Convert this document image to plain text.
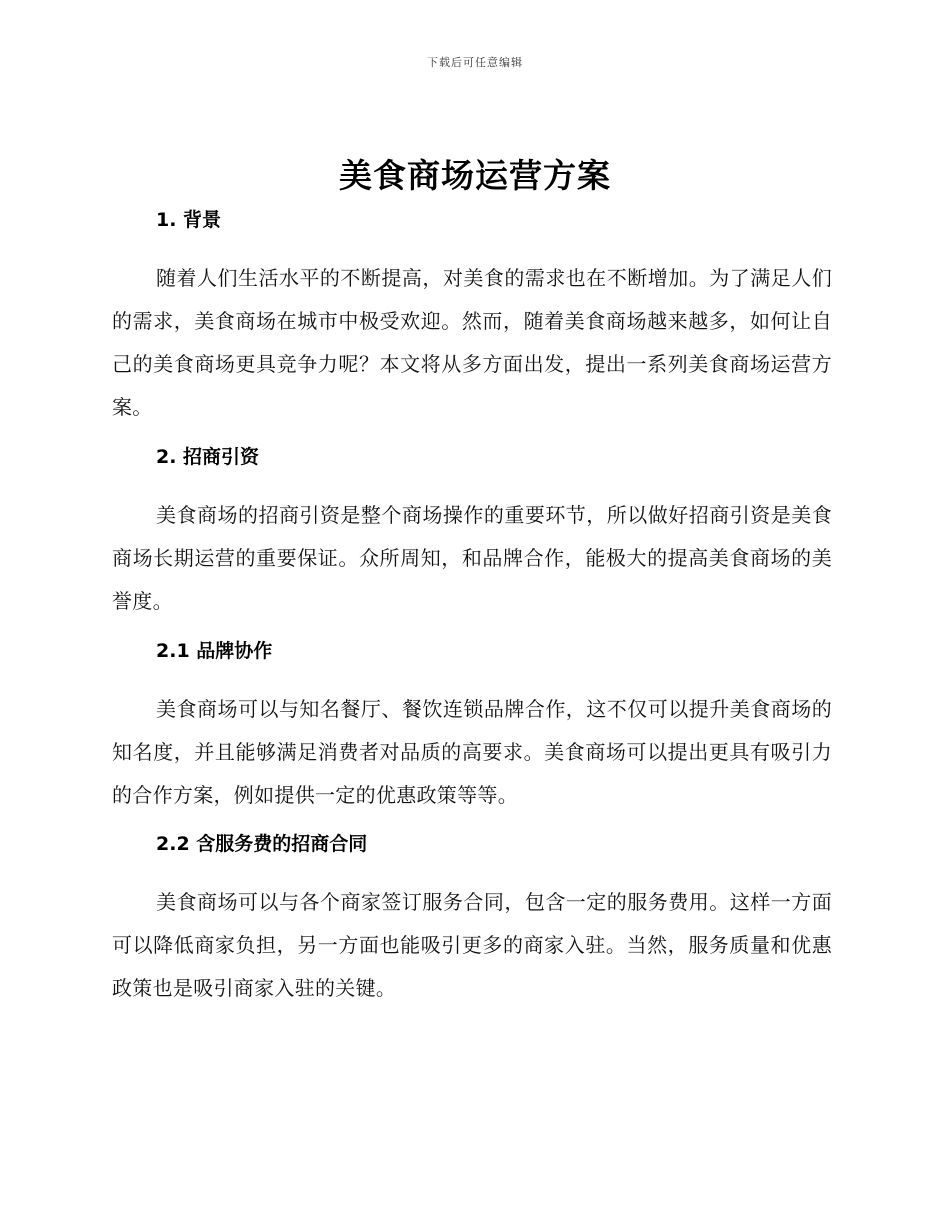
下载后可任意编辑
美食商场运营方案
1. 背景

随着人们生活水平的不断提高，对美食的需求也在不断增加。为了满足人们的需求，美食商场在城市中极受欢迎。然而，随着美食商场越来越多，如何让自己的美食商场更具竞争力呢？本文将从多方面出发，提出一系列美食商场运营方案。

2. 招商引资

美食商场的招商引资是整个商场操作的重要环节，所以做好招商引资是美食商场长期运营的重要保证。众所周知，和品牌合作，能极大的提高美食商场的美誉度。

2.1 品牌协作

美食商场可以与知名餐厅、餐饮连锁品牌合作，这不仅可以提升美食商场的知名度，并且能够满足消费者对品质的高要求。美食商场可以提出更具有吸引力的合作方案，例如提供一定的优惠政策等等。

2.2 含服务费的招商合同

美食商场可以与各个商家签订服务合同，包含一定的服务费用。这样一方面可以降低商家负担，另一方面也能吸引更多的商家入驻。当然，服务质量和优惠政策也是吸引商家入驻的关键。
